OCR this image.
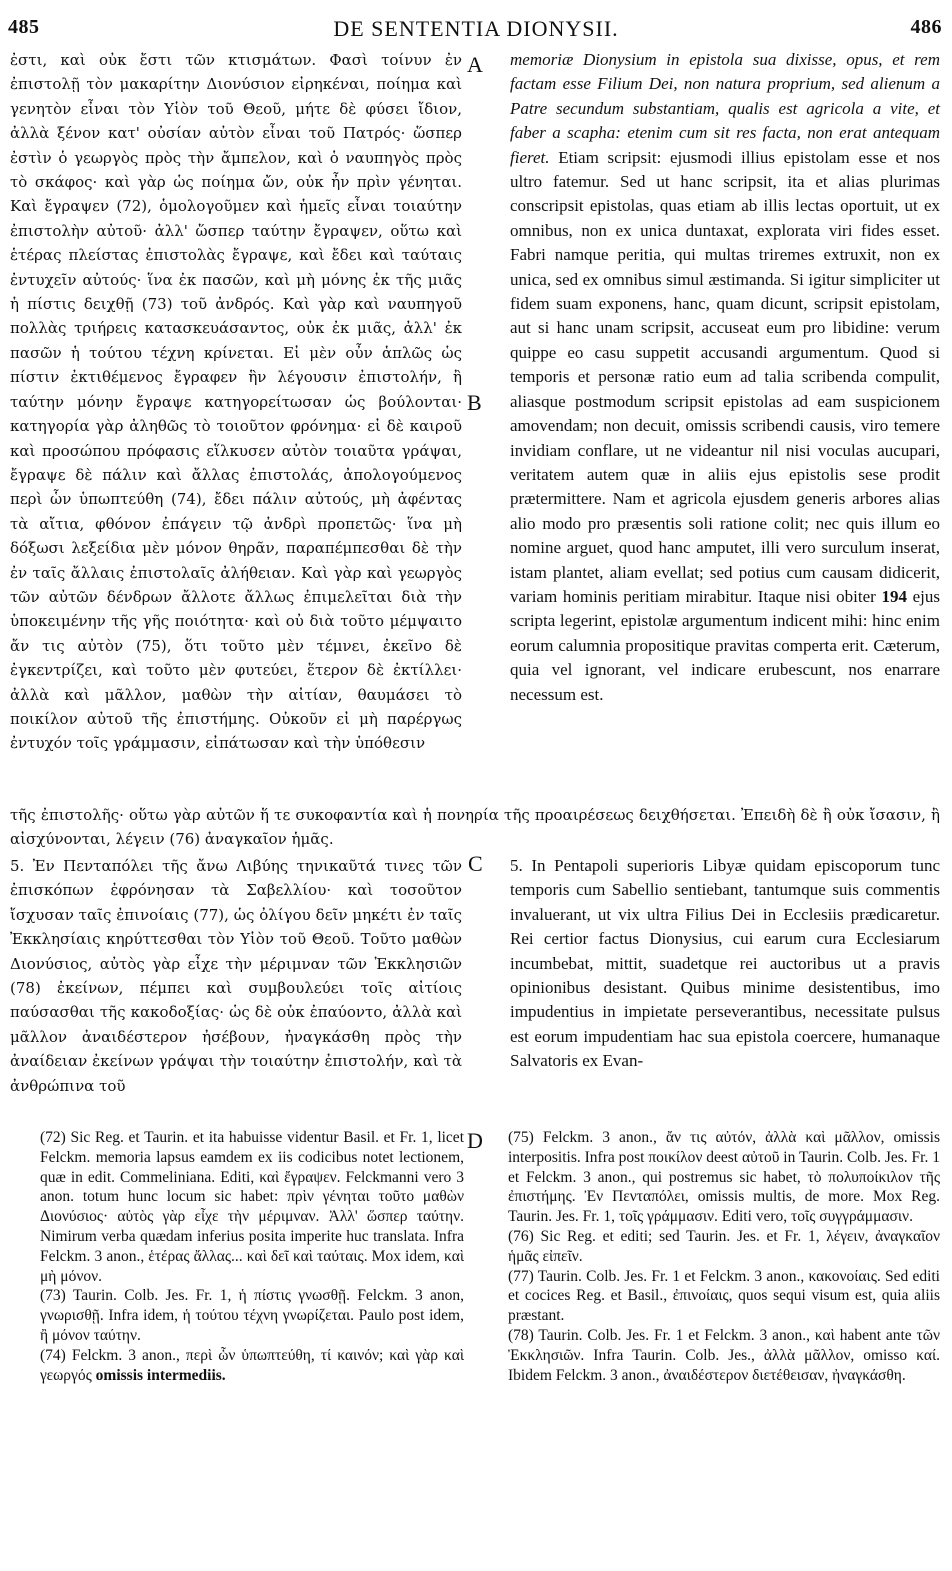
485	DE SENTENTIA DIONYSII.	486
ἐστι, καὶ οὐκ ἔστι τῶν κτισμάτων. Φασὶ τοίνυν ἐν ἐπιστολῇ τὸν μακαρίτην Διονύσιον εἰρηκέναι, ποίημα καὶ γενητὸν εἶναι τὸν Υἱὸν τοῦ Θεοῦ, μήτε δὲ φύσει ἴδιον, ἀλλὰ ξένον κατ' οὐσίαν αὐτὸν εἶναι τοῦ Πατρός· ὥσπερ ἐστὶν ὁ γεωργὸς πρὸς τὴν ἄμπελον, καὶ ὁ ναυπηγὸς πρὸς τὸ σκάφος· καὶ γὰρ ὡς ποίημα ὤν, οὐκ ἦν πρὶν γένηται. Καὶ ἔγραψεν (72), ὁμολογοῦμεν καὶ ἡμεῖς εἶναι τοιαύτην ἐπιστολὴν αὐτοῦ· ἀλλ' ὥσπερ ταύτην ἔγραψεν, οὕτω καὶ ἑτέρας πλείστας ἐπιστολὰς ἔγραψε, καὶ ἔδει καὶ ταύταις ἐντυχεῖν αὐτούς· ἵνα ἐκ πασῶν, καὶ μὴ μόνης ἐκ τῆς μιᾶς ἡ πίστις δειχθῇ (73) τοῦ ἀνδρός. Καὶ γὰρ καὶ ναυπηγοῦ πολλὰς τριήρεις κατασκευάσαντος, οὐκ ἐκ μιᾶς, ἀλλ' ἐκ πασῶν ἡ τούτου τέχνη κρίνεται. Εἰ μὲν οὖν ἁπλῶς ὡς πίστιν ἐκτιθέμενος ἔγραφεν ἣν λέγουσιν ἐπιστολήν, ἢ ταύτην μόνην ἔγραψε κατηγορείτωσαν ὡς βούλονται· κατηγορία γὰρ ἀληθῶς τὸ τοιοῦτον φρόνημα· εἰ δὲ καιροῦ καὶ προσώπου πρόφασις εἵλκυσεν αὐτὸν τοιαῦτα γράψαι, ἔγραψε δὲ πάλιν καὶ ἄλλας ἐπιστολάς, ἀπολογούμενος περὶ ὧν ὑπωπτεύθη (74), ἔδει πάλιν αὐτούς, μὴ ἀφέντας τὰ αἴτια, φθόνον ἐπάγειν τῷ ἀνδρὶ προπετῶς· ἵνα μὴ δόξωσι λεξείδια μὲν μόνον θηρᾶν, παραπέμπεσθαι δὲ τὴν ἐν ταῖς ἄλλαις ἐπιστολαῖς ἀλήθειαν. Καὶ γὰρ καὶ γεωργὸς τῶν αὐτῶν δένδρων ἄλλοτε ἄλλως ἐπιμελεῖται διὰ τὴν ὑποκειμένην τῆς γῆς ποιότητα· καὶ οὐ διὰ τοῦτο μέμψαιτο ἄν τις αὐτὸν (75), ὅτι τοῦτο μὲν τέμνει, ἐκεῖνο δὲ ἐγκεντρίζει, καὶ τοῦτο μὲν φυτεύει, ἕτερον δὲ ἐκτίλλει· ἀλλὰ καὶ μᾶλλον, μαθὼν τὴν αἰτίαν, θαυμάσει τὸ ποικίλον αὐτοῦ τῆς ἐπιστήμης. Οὐκοῦν εἰ μὴ παρέργως ἐντυχόν τοῖς γράμμασιν, εἰπάτωσαν καὶ τὴν ὑπόθεσιν
A
B
C
D
memoriæ Dionysium in epistola sua dixisse, opus, et rem factam esse Filium Dei, non natura proprium, sed alienum a Patre secundum substantiam, qualis est agricola a vite, et faber a scapha: etenim cum sit res facta, non erat antequam fieret. Etiam scripsit: ejusmodi illius epistolam esse et nos ultro fatemur. Sed ut hanc scripsit, ita et alias plurimas conscripsit epistolas, quas etiam ab illis lectas oportuit, ut ex omnibus, non ex unica duntaxat, explorata viri fides esset. Fabri namque peritia, qui multas triremes extruxit, non ex unica, sed ex omnibus simul æstimanda. Si igitur simpliciter ut fidem suam exponens, hanc, quam dicunt, scripsit epistolam, aut si hanc unam scripsit, accuseat eum pro libidine: verum quippe eo casu suppetit accusandi argumentum. Quod si temporis et personæ ratio eum ad talia scribenda compulit, aliasque postmodum scripsit epistolas ad eam suspicionem amovendam; non decuit, omissis scribendi causis, viro temere invidiam conflare, ut ne videantur nil nisi voculas aucupari, veritatem autem quæ in aliis ejus epistolis sese prodit prætermittere. Nam et agricola ejusdem generis arbores alias alio modo pro præsentis soli ratione colit; nec quis illum eo nomine arguet, quod hanc amputet, illi vero surculum inserat, istam plantet, aliam evellat; sed potius cum causam didicerit, variam hominis peritiam mirabitur. Itaque nisi obiter 194 ejus scripta legerint, epistolæ argumentum indicent mihi: hinc enim eorum calumnia propositique pravitas comperta erit. Cæterum, quia vel ignorant, vel indicare erubescunt, nos enarrare necessum est.
τῆς ἐπιστολῆς· οὕτω γὰρ αὐτῶν ἥ τε συκοφαντία καὶ ἡ πονηρία τῆς προαιρέσεως δειχθήσεται. Ἐπειδὴ δὲ ἢ οὐκ ἴσασιν, ἢ αἰσχύνονται, λέγειν (76) ἀναγκαῖον ἡμᾶς.
5. Ἐν Πενταπόλει τῆς ἄνω Λιβύης τηνικαῦτά τινες τῶν ἐπισκόπων ἐφρόνησαν τὰ Σαβελλίου· καὶ τοσοῦτον ἴσχυσαν ταῖς ἐπινοίαις (77), ὡς ὀλίγου δεῖν μηκέτι ἐν ταῖς Ἐκκλησίαις κηρύττεσθαι τὸν Υἱὸν τοῦ Θεοῦ. Τοῦτο μαθὼν Διονύσιος, αὐτὸς γὰρ εἶχε τὴν μέριμναν τῶν Ἐκκλησιῶν (78) ἐκείνων, πέμπει καὶ συμβουλεύει τοῖς αἰτίοις παύσασθαι τῆς κακοδοξίας· ὡς δὲ οὐκ ἐπαύοντο, ἀλλὰ καὶ μᾶλλον ἀναιδέστερον ἠσέβουν, ἠναγκάσθη πρὸς τὴν ἀναίδειαν ἐκείνων γράψαι τὴν τοιαύτην ἐπιστολήν, καὶ τὰ ἀνθρώπινα τοῦ
5. In Pentapoli superioris Libyæ quidam episcoporum tunc temporis cum Sabellio sentiebant, tantumque suis commentis invaluerant, ut vix ultra Filius Dei in Ecclesiis prædicaretur. Rei certior factus Dionysius, cui earum cura Ecclesiarum incumbebat, mittit, suadetque rei auctoribus ut a pravis opinionibus desistant. Quibus minime desistentibus, imo impudentius in impietate perseverantibus, necessitate pulsus est eorum impudentiam hac sua epistola coercere, humanaque Salvatoris ex Evan-

(72) Sic Reg. et Taurin. et ita habuisse videntur Basil. et Fr. 1, licet Felckm. memoria lapsus eamdem ex iis codicibus notet lectionem, quæ in edit. Commeliniana. Editi, καὶ ἔγραψεν. Felckmanni vero 3 anon. totum hunc locum sic habet: πρὶν γένηται τοῦτο μαθὼν Διονύσιος· αὐτὸς γὰρ εἶχε τὴν μέριμναν. Ἀλλ' ὥσπερ ταύτην. Nimirum verba quædam inferius posita imperite huc translata. Infra Felckm. 3 anon., ἑτέρας ἄλλας... καὶ δεῖ καὶ ταύταις. Mox idem, καὶ μὴ μόνον.

(73) Taurin. Colb. Jes. Fr. 1, ἡ πίστις γνωσθῇ. Felckm. 3 anon, γνωρισθῇ. Infra idem, ἡ τούτου τέχνη γνωρίζεται. Paulo post idem, ἢ μόνον ταύτην.

(74) Felckm. 3 anon., περὶ ὧν ὑπωπτεύθη, τί καινόν; καὶ γὰρ καὶ γεωργός omissis intermediis.

(75) Felckm. 3 anon., ἄν τις αὐτόν, ἀλλὰ καὶ μᾶλλον, omissis interpositis. Infra post ποικίλον deest αὐτοῦ in Taurin. Colb. Jes. Fr. 1 et Felckm. 3 anon., qui postremus sic habet, τὸ πολυποίκιλον τῆς ἐπιστήμης. Ἐν Πενταπόλει, omissis multis, de more. Mox Reg. Taurin. Jes. Fr. 1, τοῖς γράμμασιν. Editi vero, τοῖς συγγράμμασιν.

(76) Sic Reg. et editi; sed Taurin. Jes. et Fr. 1, λέγειν, ἀναγκαῖον ἡμᾶς εἰπεῖν.

(77) Taurin. Colb. Jes. Fr. 1 et Felckm. 3 anon., κακονοίαις. Sed editi et cocices Reg. et Basil., ἐπινοίαις, quos sequi visum est, quia aliis præstant.

(78) Taurin. Colb. Jes. Fr. 1 et Felckm. 3 anon., καὶ habent ante τῶν Ἐκκλησιῶν. Infra Taurin. Colb. Jes., ἀλλὰ μᾶλλον, omisso καί. Ibidem Felckm. 3 anon., ἀναιδέστερον διετέθεισαν, ἠναγκάσθη.
